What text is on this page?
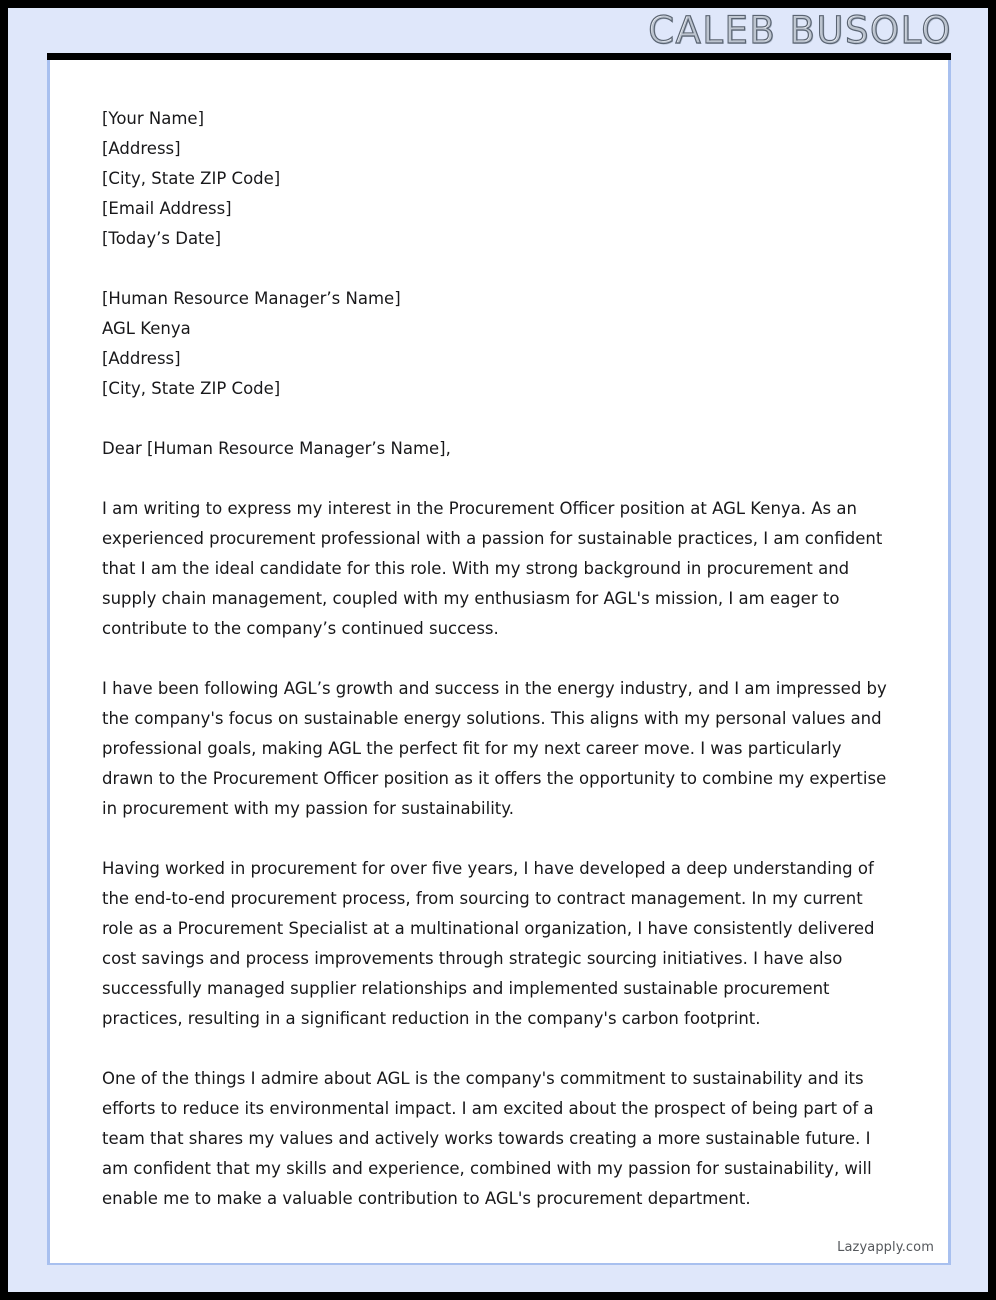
CALEB BUSOLO
[Your Name]
[Address]
[City, State ZIP Code]
[Email Address]
[Today’s Date]
[Human Resource Manager’s Name]
AGL Kenya
[Address]
[City, State ZIP Code]

Dear [Human Resource Manager’s Name],

I am writing to express my interest in the Procurement Officer position at AGL Kenya. As an experienced procurement professional with a passion for sustainable practices, I am confident that I am the ideal candidate for this role. With my strong background in procurement and supply chain management, coupled with my enthusiasm for AGL's mission, I am eager to contribute to the company’s continued success.

I have been following AGL’s growth and success in the energy industry, and I am impressed by the company's focus on sustainable energy solutions. This aligns with my personal values and professional goals, making AGL the perfect fit for my next career move. I was particularly drawn to the Procurement Officer position as it offers the opportunity to combine my expertise in procurement with my passion for sustainability.

Having worked in procurement for over five years, I have developed a deep understanding of the end-to-end procurement process, from sourcing to contract management. In my current role as a Procurement Specialist at a multinational organization, I have consistently delivered cost savings and process improvements through strategic sourcing initiatives. I have also successfully managed supplier relationships and implemented sustainable procurement practices, resulting in a significant reduction in the company's carbon footprint.

One of the things I admire about AGL is the company's commitment to sustainability and its efforts to reduce its environmental impact. I am excited about the prospect of being part of a team that shares my values and actively works towards creating a more sustainable future. I am confident that my skills and experience, combined with my passion for sustainability, will enable me to make a valuable contribution to AGL's procurement department.

Lazyapply.com
